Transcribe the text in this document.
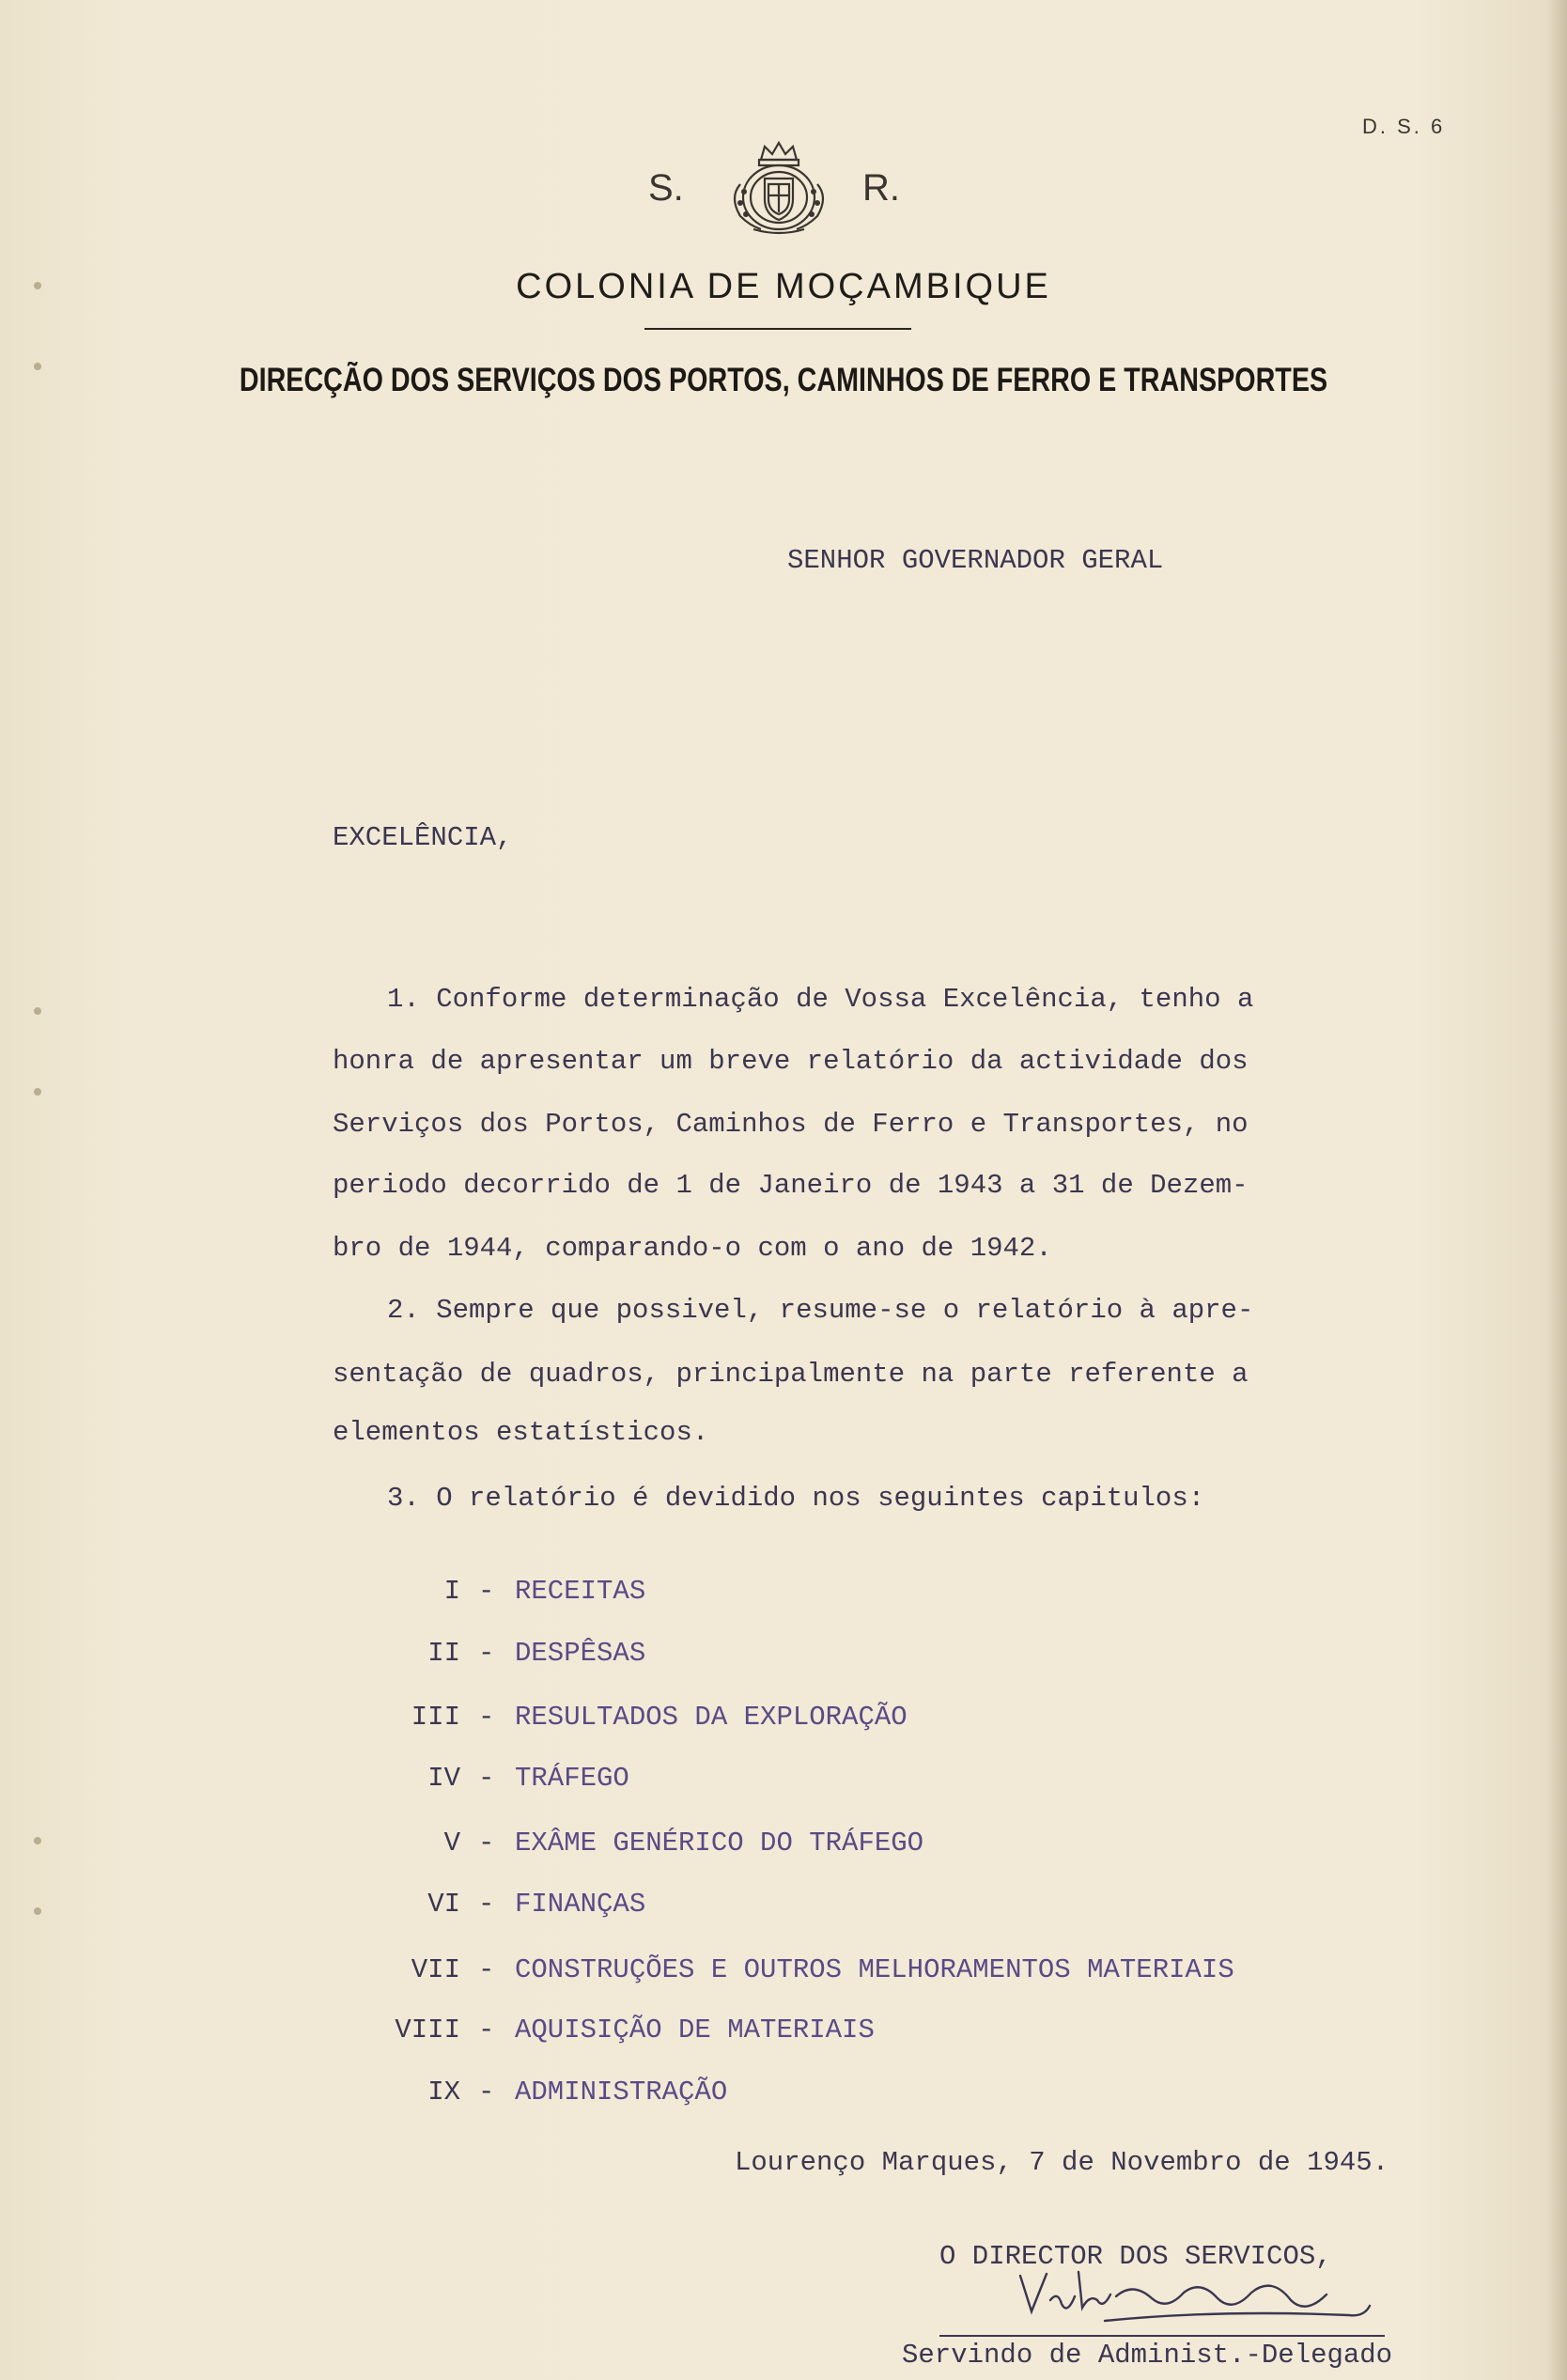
D. S. 6
S.	R.
COLONIA DE MOÇAMBIQUE
DIRECÇÃO DOS SERVIÇOS DOS PORTOS, CAMINHOS DE FERRO E TRANSPORTES
SENHOR GOVERNADOR GERAL
EXCELÊNCIA,
1. Conforme determinação de Vossa Excelência, tenho a
honra de apresentar um breve relatório da actividade dos
Serviços dos Portos, Caminhos de Ferro e Transportes, no
periodo decorrido de 1 de Janeiro de 1943 a 31 de Dezem-
bro de 1944, comparando-o com o ano de 1942.
2. Sempre que possivel, resume-se o relatório à apre-
sentação de quadros, principalmente na parte referente a
elementos estatísticos.
3. O relatório é devidido nos seguintes capitulos:
I - RECEITAS
II - DESPÊSAS
III - RESULTADOS DA EXPLORAÇÃO
IV - TRÁFEGO
V - EXÂME GENÉRICO DO TRÁFEGO
VI - FINANÇAS
VII - CONSTRUÇÕES E OUTROS MELHORAMENTOS MATERIAIS
VIII - AQUISIÇÃO DE MATERIAIS
IX - ADMINISTRAÇÃO
Lourenço Marques, 7 de Novembro de 1945.
O DIRECTOR DOS SERVICOS,
Servindo de Administ.-Delegado
